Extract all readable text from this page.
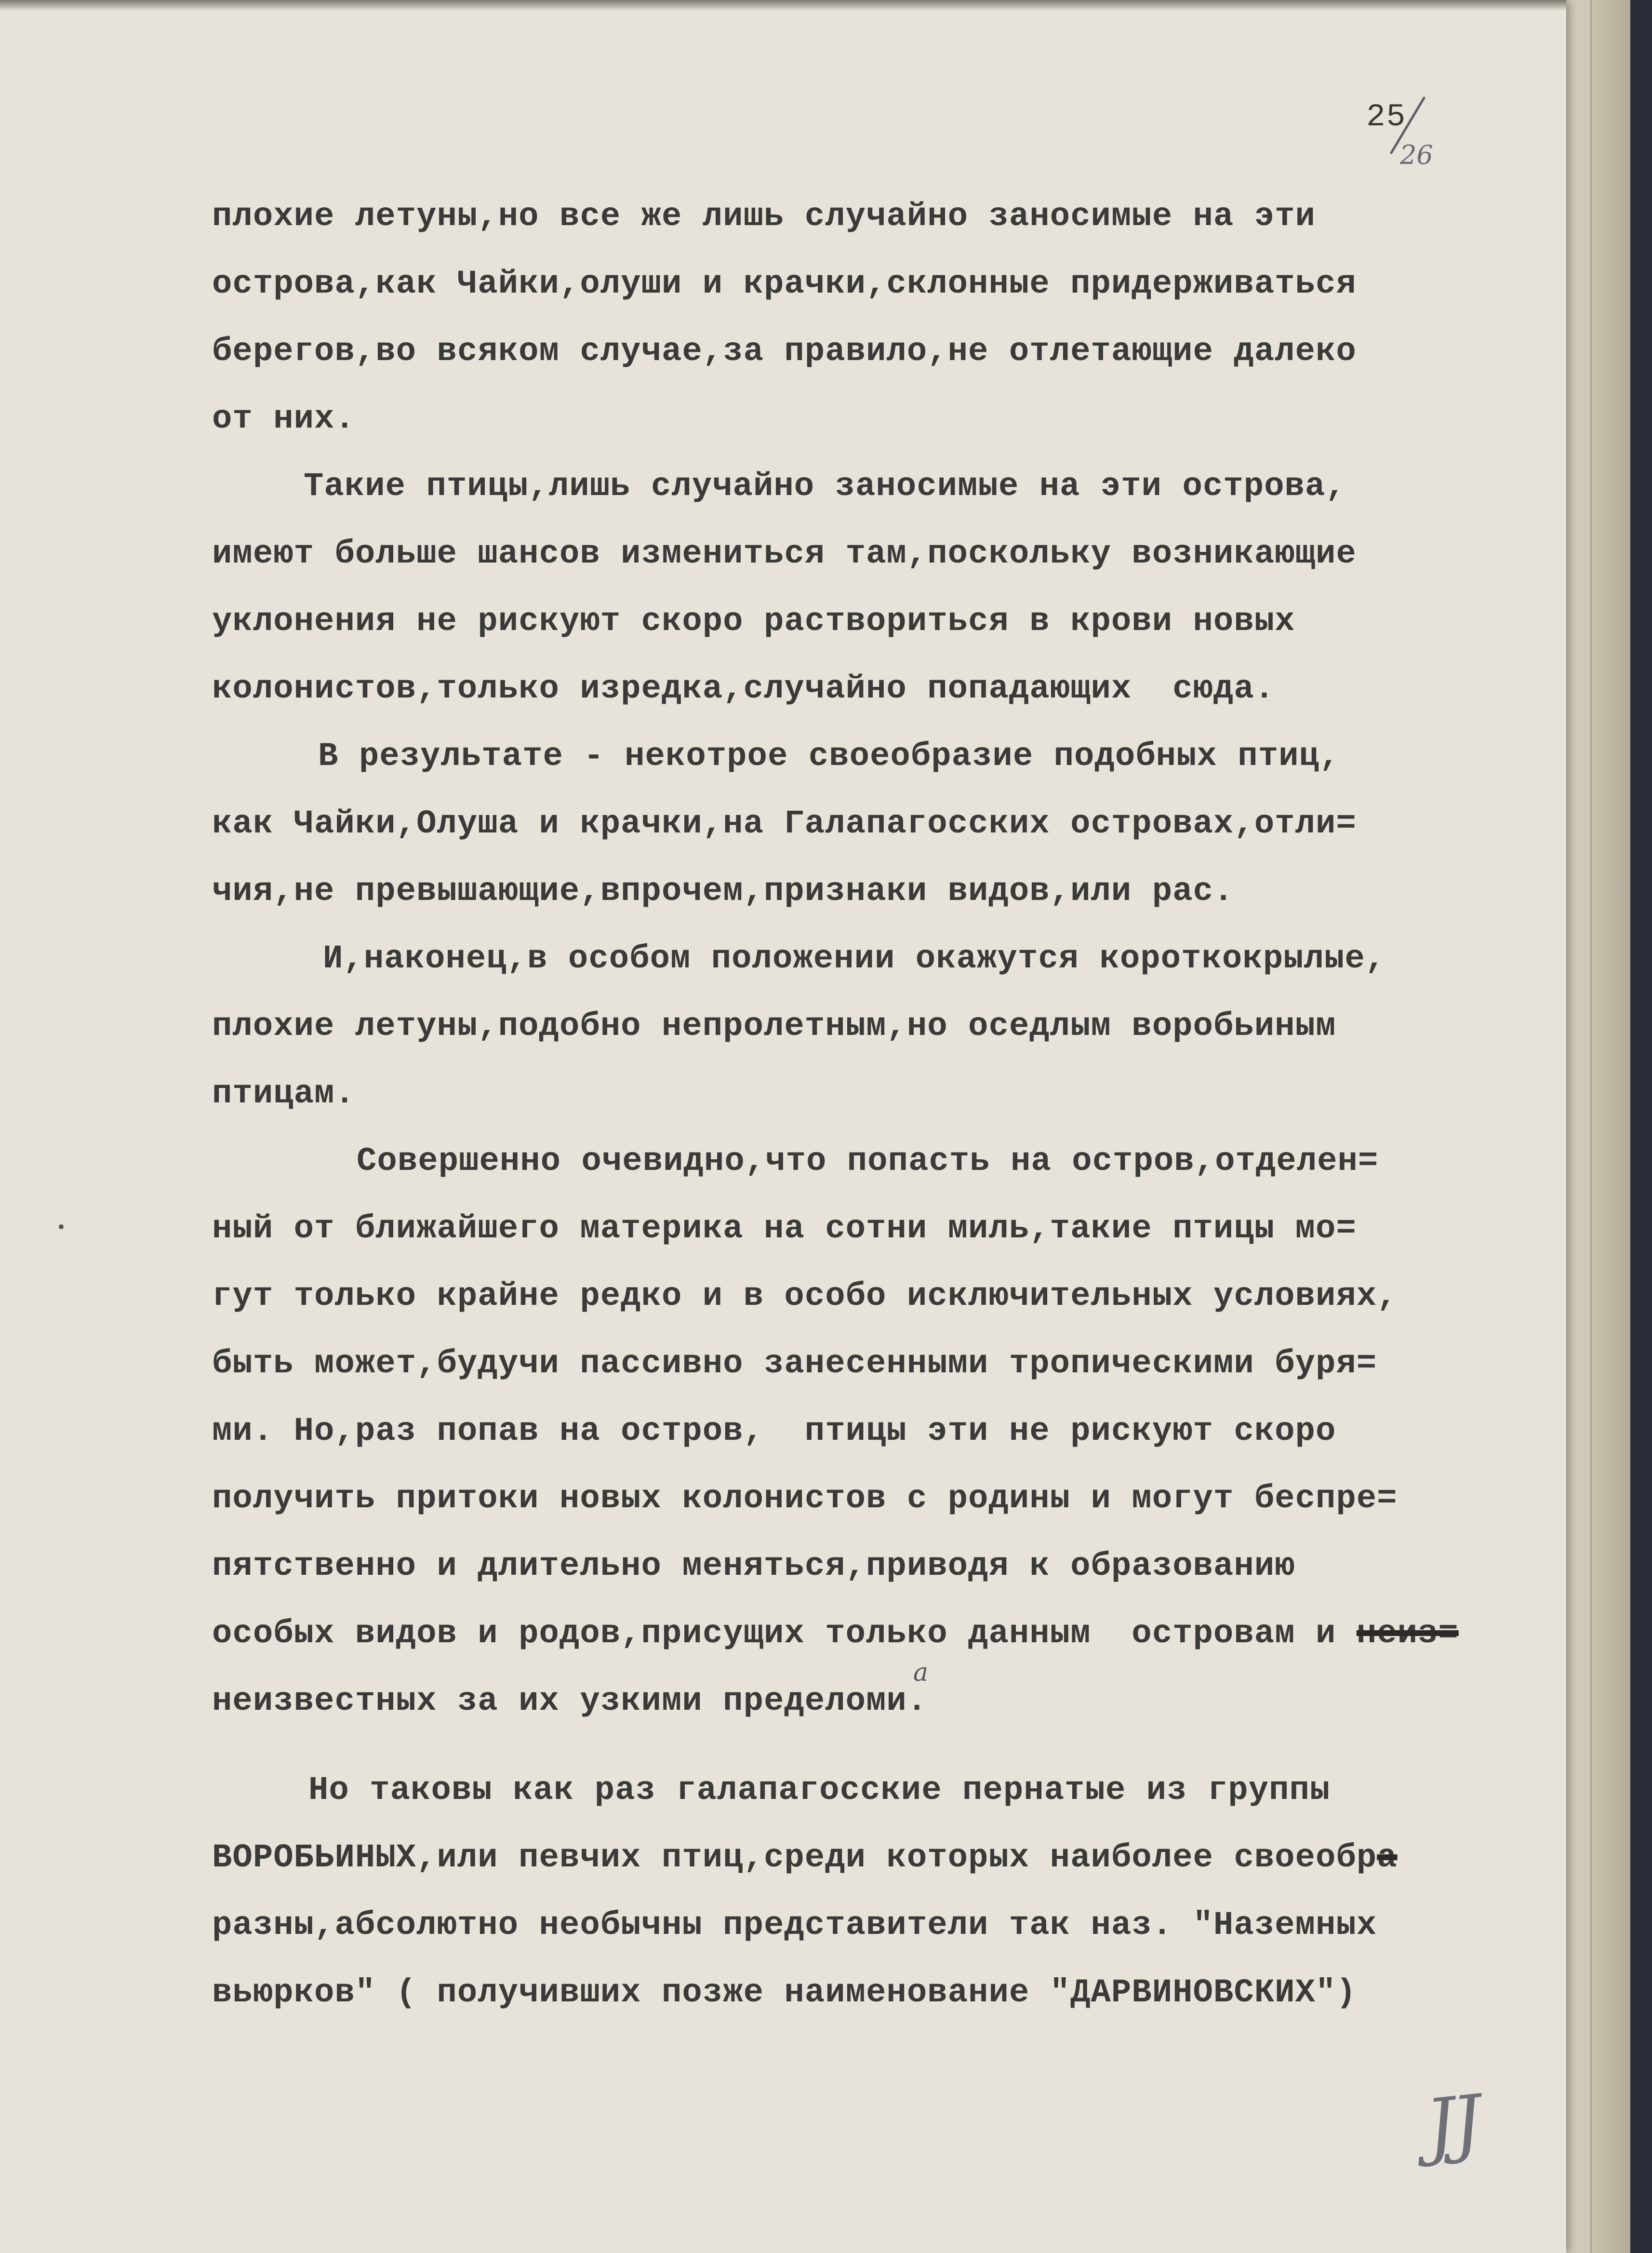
25
26
плохие летуны,но все же лишь случайно заносимые на эти
острова,как Чайки,олуши и крачки,склонные придерживаться
берегов,во всяком случае,за правило,не отлетающие далеко
от них.
Такие птицы,лишь случайно заносимые на эти острова,
имеют больше шансов измениться там,поскольку возникающие
уклонения не рискуют скоро раствориться в крови новых
колонистов,только изредка,случайно попадающих  сюда.
В результате - некотрое своеобразие подобных птиц,
как Чайки,Олуша и крачки,на Галапагосских островах,отли=
чия,не превышающие,впрочем,признаки видов,или рас.
И,наконец,в особом положении окажутся короткокрылые,
плохие летуны,подобно непролетным,но оседлым воробьиным
птицам.
Совершенно очевидно,что попасть на остров,отделен=
ный от ближайшего материка на сотни миль,такие птицы мо=
гут только крайне редко и в особо исключительных условиях,
быть может,будучи пассивно занесенными тропическими буря=
ми. Но,раз попав на остров,  птицы эти не рискуют скоро
получить притоки новых колонистов с родины и могут беспре=
пятственно и длительно меняться,приводя к образованию
особых видов и родов,присущих только данным  островам и неиз=
неизвестных за их узкими пределоми.
Но таковы как раз галапагосские пернатые из группы
ВОРОБЬИНЫХ,или певчих птиц,среди которых наиболее своеобра
разны,абсолютно необычны представители так наз. "Наземных
вьюрков" ( получивших позже наименование "ДАРВИНОВСКИХ")
а
ЈЈ
